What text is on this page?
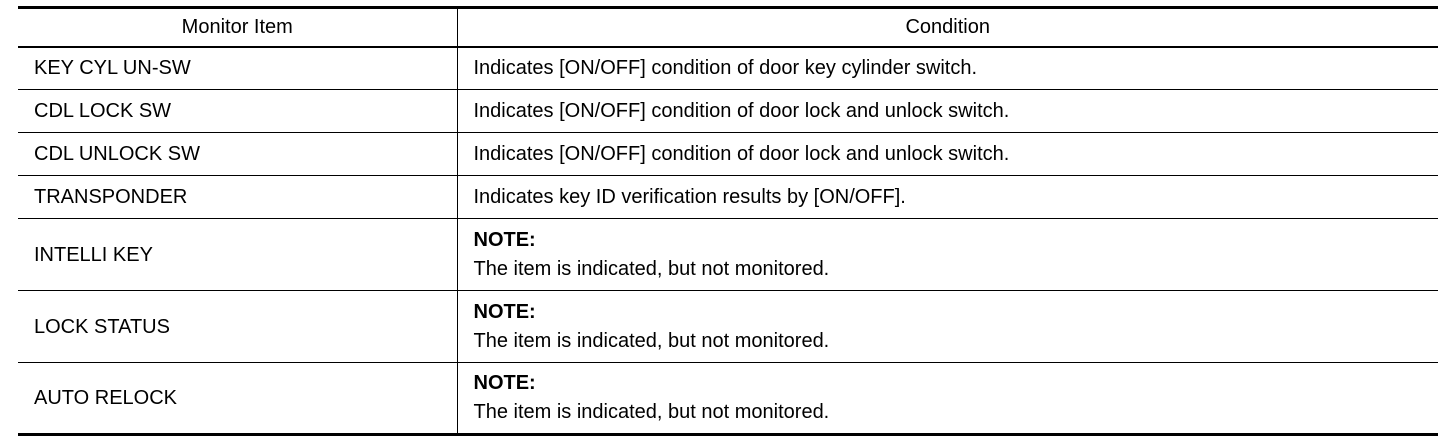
Monitor Item	Condition
KEY CYL UN-SW	Indicates [ON/OFF] condition of door key cylinder switch.
CDL LOCK SW	Indicates [ON/OFF] condition of door lock and unlock switch.
CDL UNLOCK SW	Indicates [ON/OFF] condition of door lock and unlock switch.
TRANSPONDER	Indicates key ID verification results by [ON/OFF].
INTELLI KEY	NOTE:
The item is indicated, but not monitored.

LOCK STATUS	NOTE:
The item is indicated, but not monitored.

AUTO RELOCK	NOTE:
The item is indicated, but not monitored.
